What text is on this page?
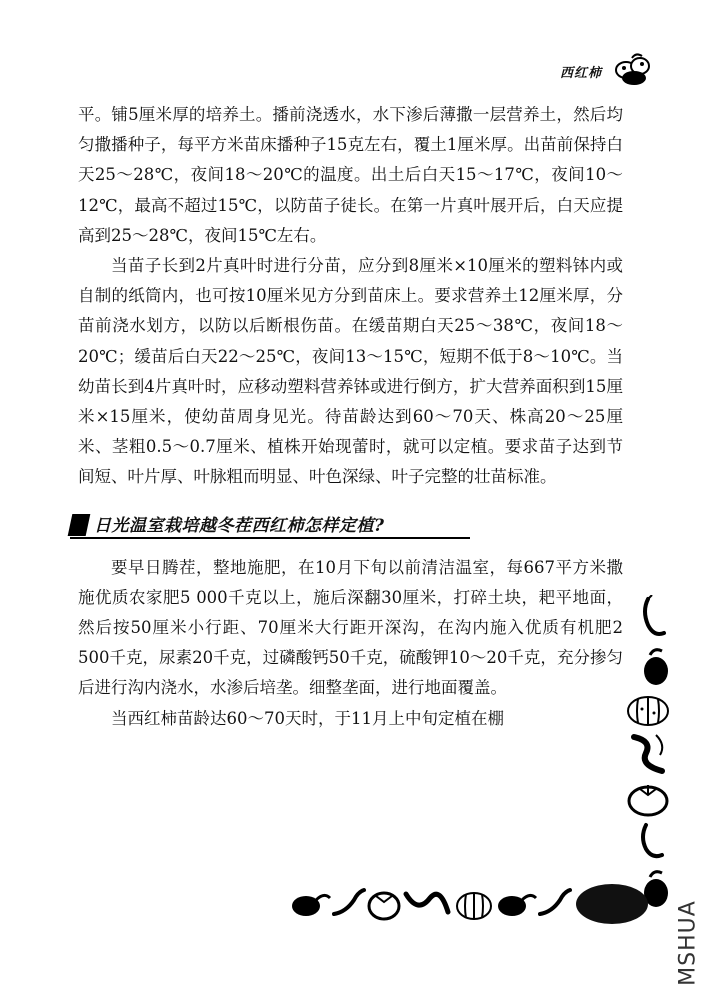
西红柿

平。铺5厘米厚的培养土。播前浇透水，水下渗后薄撒一层营养土，然后均匀撒播种子，每平方米苗床播种子15克左右，覆土1厘米厚。出苗前保持白天25～28℃，夜间18～20℃的温度。出土后白天15～17℃，夜间10～12℃，最高不超过15℃，以防苗子徒长。在第一片真叶展开后，白天应提高到25～28℃，夜间15℃左右。

当苗子长到2片真叶时进行分苗，应分到8厘米×10厘米的塑料钵内或自制的纸筒内，也可按10厘米见方分到苗床上。要求营养土12厘米厚，分苗前浇水划方，以防以后断根伤苗。在缓苗期白天25～38℃，夜间18～20℃；缓苗后白天22～25℃，夜间13～15℃，短期不低于8～10℃。当幼苗长到4片真叶时，应移动塑料营养钵或进行倒方，扩大营养面积到15厘米×15厘米，使幼苗周身见光。待苗龄达到60～70天、株高20～25厘米、茎粗0.5～0.7厘米、植株开始现蕾时，就可以定植。要求苗子达到节间短、叶片厚、叶脉粗而明显、叶色深绿、叶子完整的壮苗标准。

日光温室栽培越冬茬西红柿怎样定植?

要早日腾茬，整地施肥，在10月下旬以前清洁温室，每667平方米撒施优质农家肥5 000千克以上，施后深翻30厘米，打碎土块，耙平地面，然后按50厘米小行距、70厘米大行距开深沟，在沟内施入优质有机肥2 500千克，尿素20千克，过磷酸钙50千克，硫酸钾10～20千克，充分掺匀后进行沟内浇水，水渗后培垄。细整垄面，进行地面覆盖。

当西红柿苗龄达60～70天时，于11月上中旬定植在棚

MSHUA
